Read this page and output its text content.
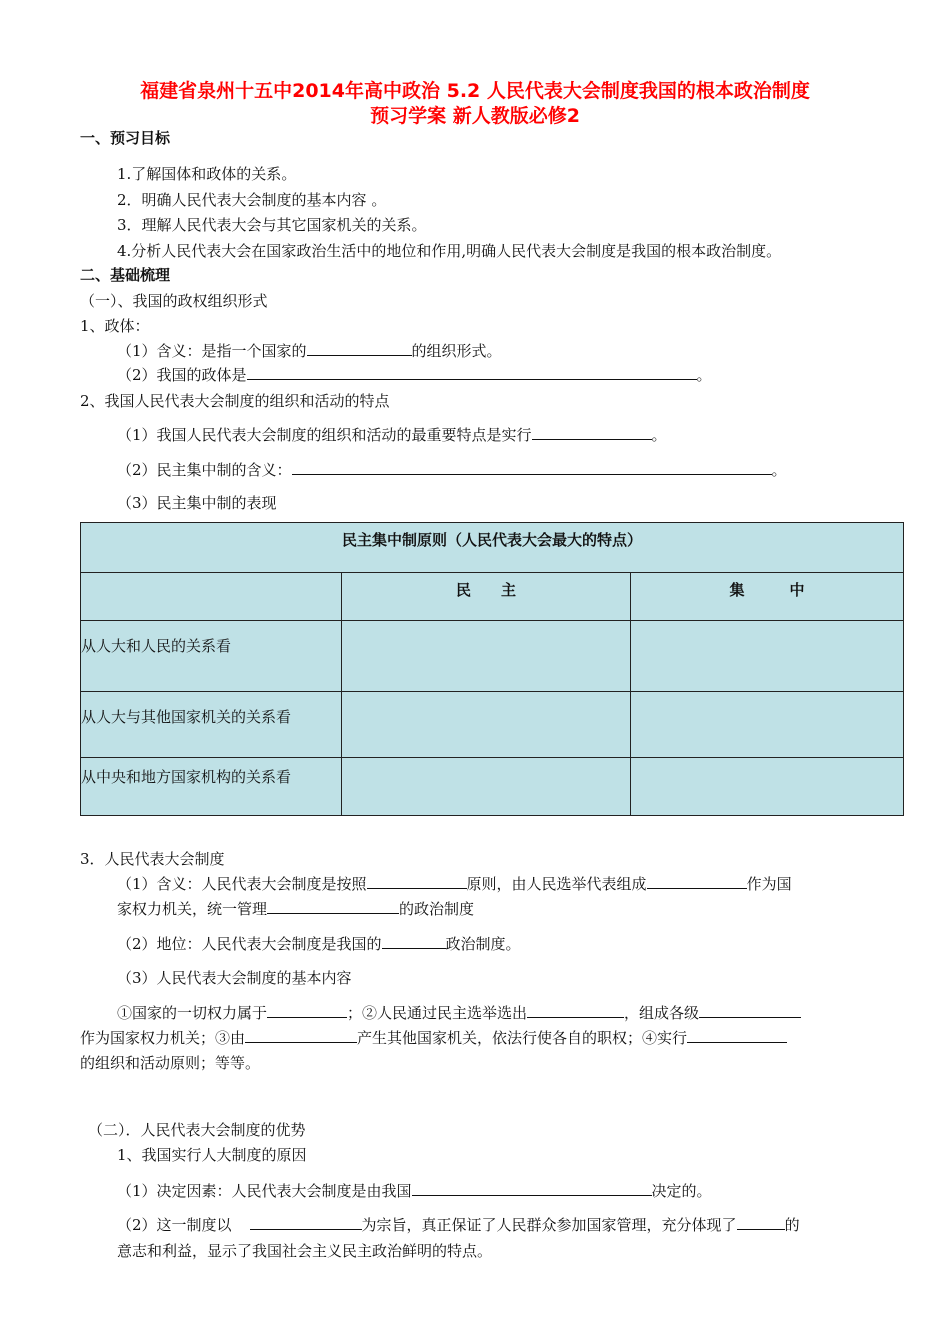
福建省泉州十五中2014年高中政治 5.2 人民代表大会制度我国的根本政治制度
预习学案 新人教版必修2
一、预习目标
1.了解国体和政体的关系。
2．明确人民代表大会制度的基本内容 。
3．理解人民代表大会与其它国家机关的关系。
4.分析人民代表大会在国家政治生活中的地位和作用,明确人民代表大会制度是我国的根本政治制度。
二、基础梳理
（一）、我国的政权组织形式
1、政体：
（1）含义：是指一个国家的	的组织形式。
（2）我国的政体是	。
2、我国人民代表大会制度的组织和活动的特点
（1）我国人民代表大会制度的组织和活动的最重要特点是实行	。
（2）民主集中制的含义：	。
（3）民主集中制的表现
民主集中制原则（人民代表大会最大的特点）		
	民　　主	集　　　中
从人大和人民的关系看		
从人大与其他国家机关的关系看		
从中央和地方国家机构的关系看		
3．人民代表大会制度
（1）含义：人民代表大会制度是按照	原则，由人民选举代表组成	作为国
家权力机关，统一管理	的政治制度
（2）地位：人民代表大会制度是我国的	政治制度。
（3）人民代表大会制度的基本内容
①国家的一切权力属于	；②人民通过民主选举选出	，组成各级
作为国家权力机关；③由	产生其他国家机关，依法行使各自的职权；④实行
的组织和活动原则；等等。
（二）．人民代表大会制度的优势
1、我国实行人大制度的原因
（1）决定因素：人民代表大会制度是由我国	决定的。
（2）这一制度以	为宗旨，真正保证了人民群众参加国家管理，充分体现了	的
意志和利益，显示了我国社会主义民主政治鲜明的特点。
